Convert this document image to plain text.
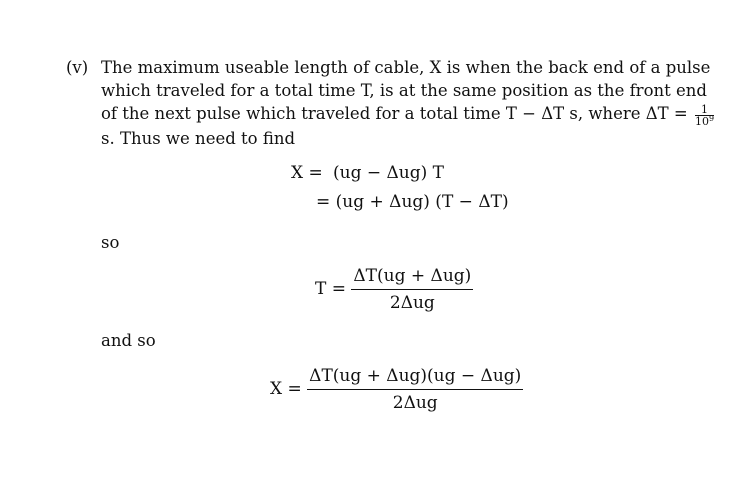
(v) The maximum useable length of cable, X is when the back end of a pulse
which traveled for a total time T, is at the same position as the front end
of the next pulse which traveled for a total time T − ΔT s, where $\Delta T = \frac{1}{10^9}$
s. Thus we need to find
X = (ug − Δug) T
= (ug + Δug) (T − ΔT)
so
$T = \frac{\text{ΔT(ug + Δug)}}{\text{2Δug}}$
and so
$X = \frac{\text{ΔT(ug + Δug)(ug − Δug)}}{\text{2Δug}}$
